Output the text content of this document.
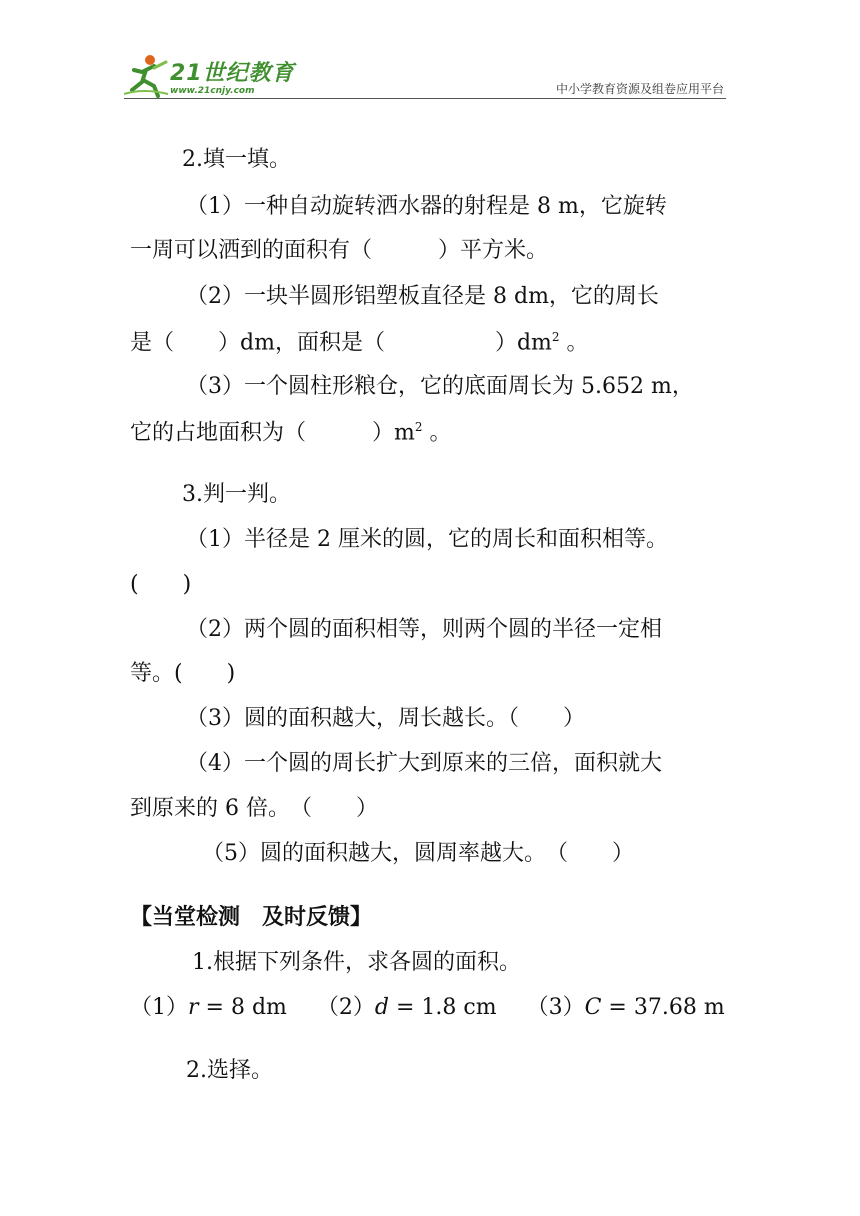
21世纪教育
www.21cnjy.com	中小学教育资源及组卷应用平台
2.填一填。
（1）一种自动旋转洒水器的射程是 8 m，它旋转
一周可以洒到的面积有（　　　）平方米。
（2）一块半圆形铝塑板直径是 8 dm，它的周长
是（　　）dm，面积是（　　　　　）$dm^2$ 。
（3）一个圆柱形粮仓，它的底面周长为 5.652 m，
它的占地面积为（　　　）$m^2$ 。
3.判一判。
（1）半径是 2 厘米的圆，它的周长和面积相等。
(　　)
（2）两个圆的面积相等，则两个圆的半径一定相
等。(　　)
（3）圆的面积越大，周长越长。（　　）
（4）一个圆的周长扩大到原来的三倍，面积就大
到原来的 6 倍。　（　　）
（5）圆的面积越大，圆周率越大。　（　　）
【当堂检测　及时反馈】
1.根据下列条件，求各圆的面积。
（1）r = 8 dm （2）d = 1.8 cm （3）C = 37.68 m
2.选择。
